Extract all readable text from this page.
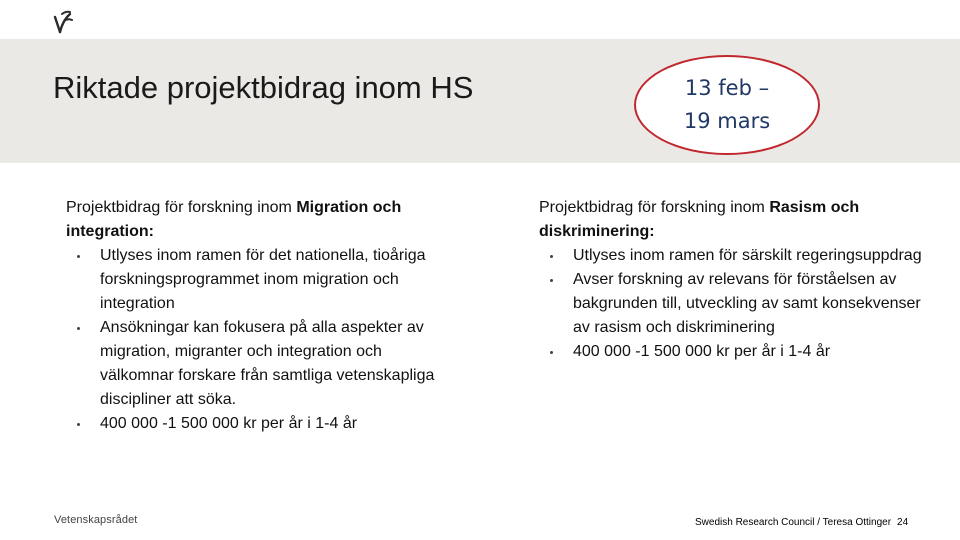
Riktade projektbidrag inom HS	13 feb –
19 mars

Projektbidrag för forskning inom Migration och integration:

Utlyses inom ramen för det nationella, tioåriga forskningsprogrammet inom migration och integration
Ansökningar kan fokusera på alla aspekter av migration, migranter och integration och välkomnar forskare från samtliga vetenskapliga discipliner att söka.
400 000 -1 500 000 kr per år i 1-4 år

Projektbidrag för forskning inom Rasism och diskriminering:

Utlyses inom ramen för särskilt regeringsuppdrag
Avser forskning av relevans för förståelsen av bakgrunden till, utveckling av samt konsekvenser av rasism och diskriminering
400 000 -1 500 000 kr per år i 1-4 år
Vetenskapsrådet	Swedish Research Council / Teresa Ottinger 24
